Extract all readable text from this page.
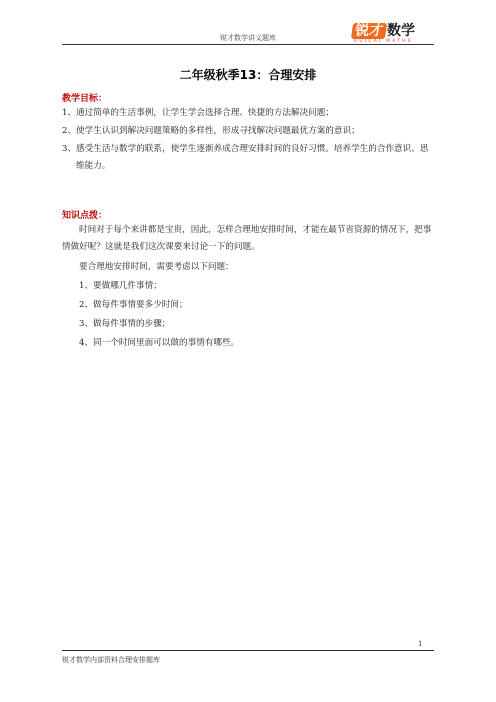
锐才数学讲义题库	锐才 数学
RUICAI MATHS
二年级秋季13：合理安排
教学目标：
1、通过简单的生活事例，让学生学会选择合理、快捷的方法解决问题；
2、使学生认识到解决问题策略的多样性，形成寻找解决问题最优方案的意识；
3、感受生活与数学的联系，使学生逐渐养成合理安排时间的良好习惯。培养学生的合作意识、思维能力。
知识点拨：
时间对于每个来讲都是宝贵，因此，怎样合理地安排时间，才能在最节省资源的情况下，把事情做好呢？这就是我们这次课要来讨论一下的问题。
要合理地安排时间，需要考虑以下问题：
1、要做哪几件事情；
2、做每件事情要多少时间；
3、做每件事情的步骤；
4、同一个时间里面可以做的事情有哪些。
1
锐才数学内部资料合理安排题库
